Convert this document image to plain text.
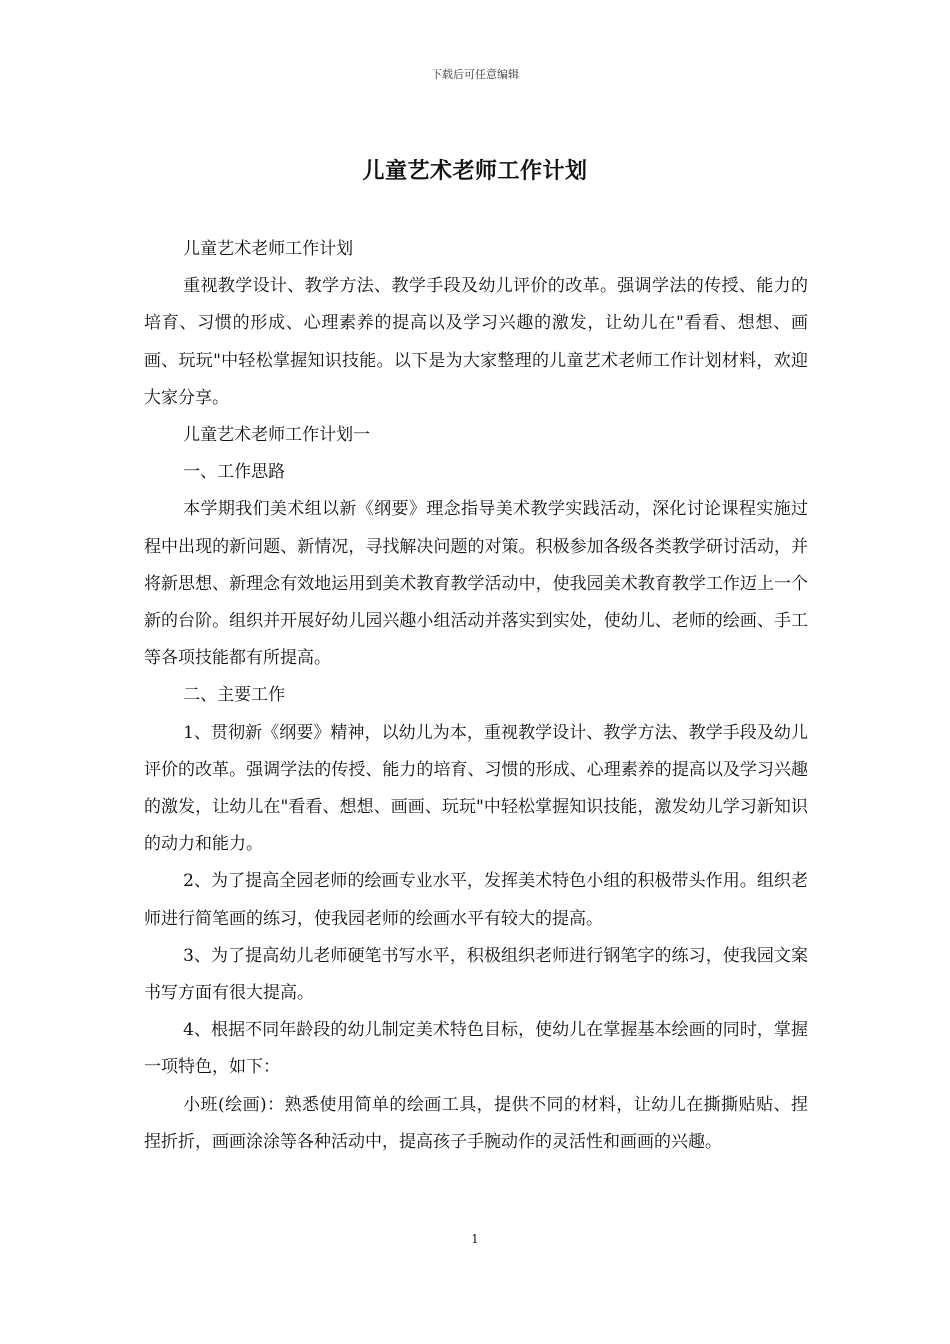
下载后可任意编辑
儿童艺术老师工作计划

儿童艺术老师工作计划

重视教学设计、教学方法、教学手段及幼儿评价的改革。强调学法的传授、能力的培育、习惯的形成、心理素养的提高以及学习兴趣的激发，让幼儿在"看看、想想、画画、玩玩"中轻松掌握知识技能。以下是为大家整理的儿童艺术老师工作计划材料，欢迎大家分享。

儿童艺术老师工作计划一

一、工作思路

本学期我们美术组以新《纲要》理念指导美术教学实践活动，深化讨论课程实施过程中出现的新问题、新情况，寻找解决问题的对策。积极参加各级各类教学研讨活动，并将新思想、新理念有效地运用到美术教育教学活动中，使我园美术教育教学工作迈上一个新的台阶。组织并开展好幼儿园兴趣小组活动并落实到实处，使幼儿、老师的绘画、手工等各项技能都有所提高。

二、主要工作

1、贯彻新《纲要》精神，以幼儿为本，重视教学设计、教学方法、教学手段及幼儿评价的改革。强调学法的传授、能力的培育、习惯的形成、心理素养的提高以及学习兴趣的激发，让幼儿在"看看、想想、画画、玩玩"中轻松掌握知识技能，激发幼儿学习新知识的动力和能力。

2、为了提高全园老师的绘画专业水平，发挥美术特色小组的积极带头作用。组织老师进行简笔画的练习，使我园老师的绘画水平有较大的提高。

3、为了提高幼儿老师硬笔书写水平，积极组织老师进行钢笔字的练习，使我园文案书写方面有很大提高。

4、根据不同年龄段的幼儿制定美术特色目标，使幼儿在掌握基本绘画的同时，掌握一项特色，如下：

小班(绘画)：熟悉使用简单的绘画工具，提供不同的材料，让幼儿在撕撕贴贴、捏捏折折，画画涂涂等各种活动中，提高孩子手腕动作的灵活性和画画的兴趣。

1
